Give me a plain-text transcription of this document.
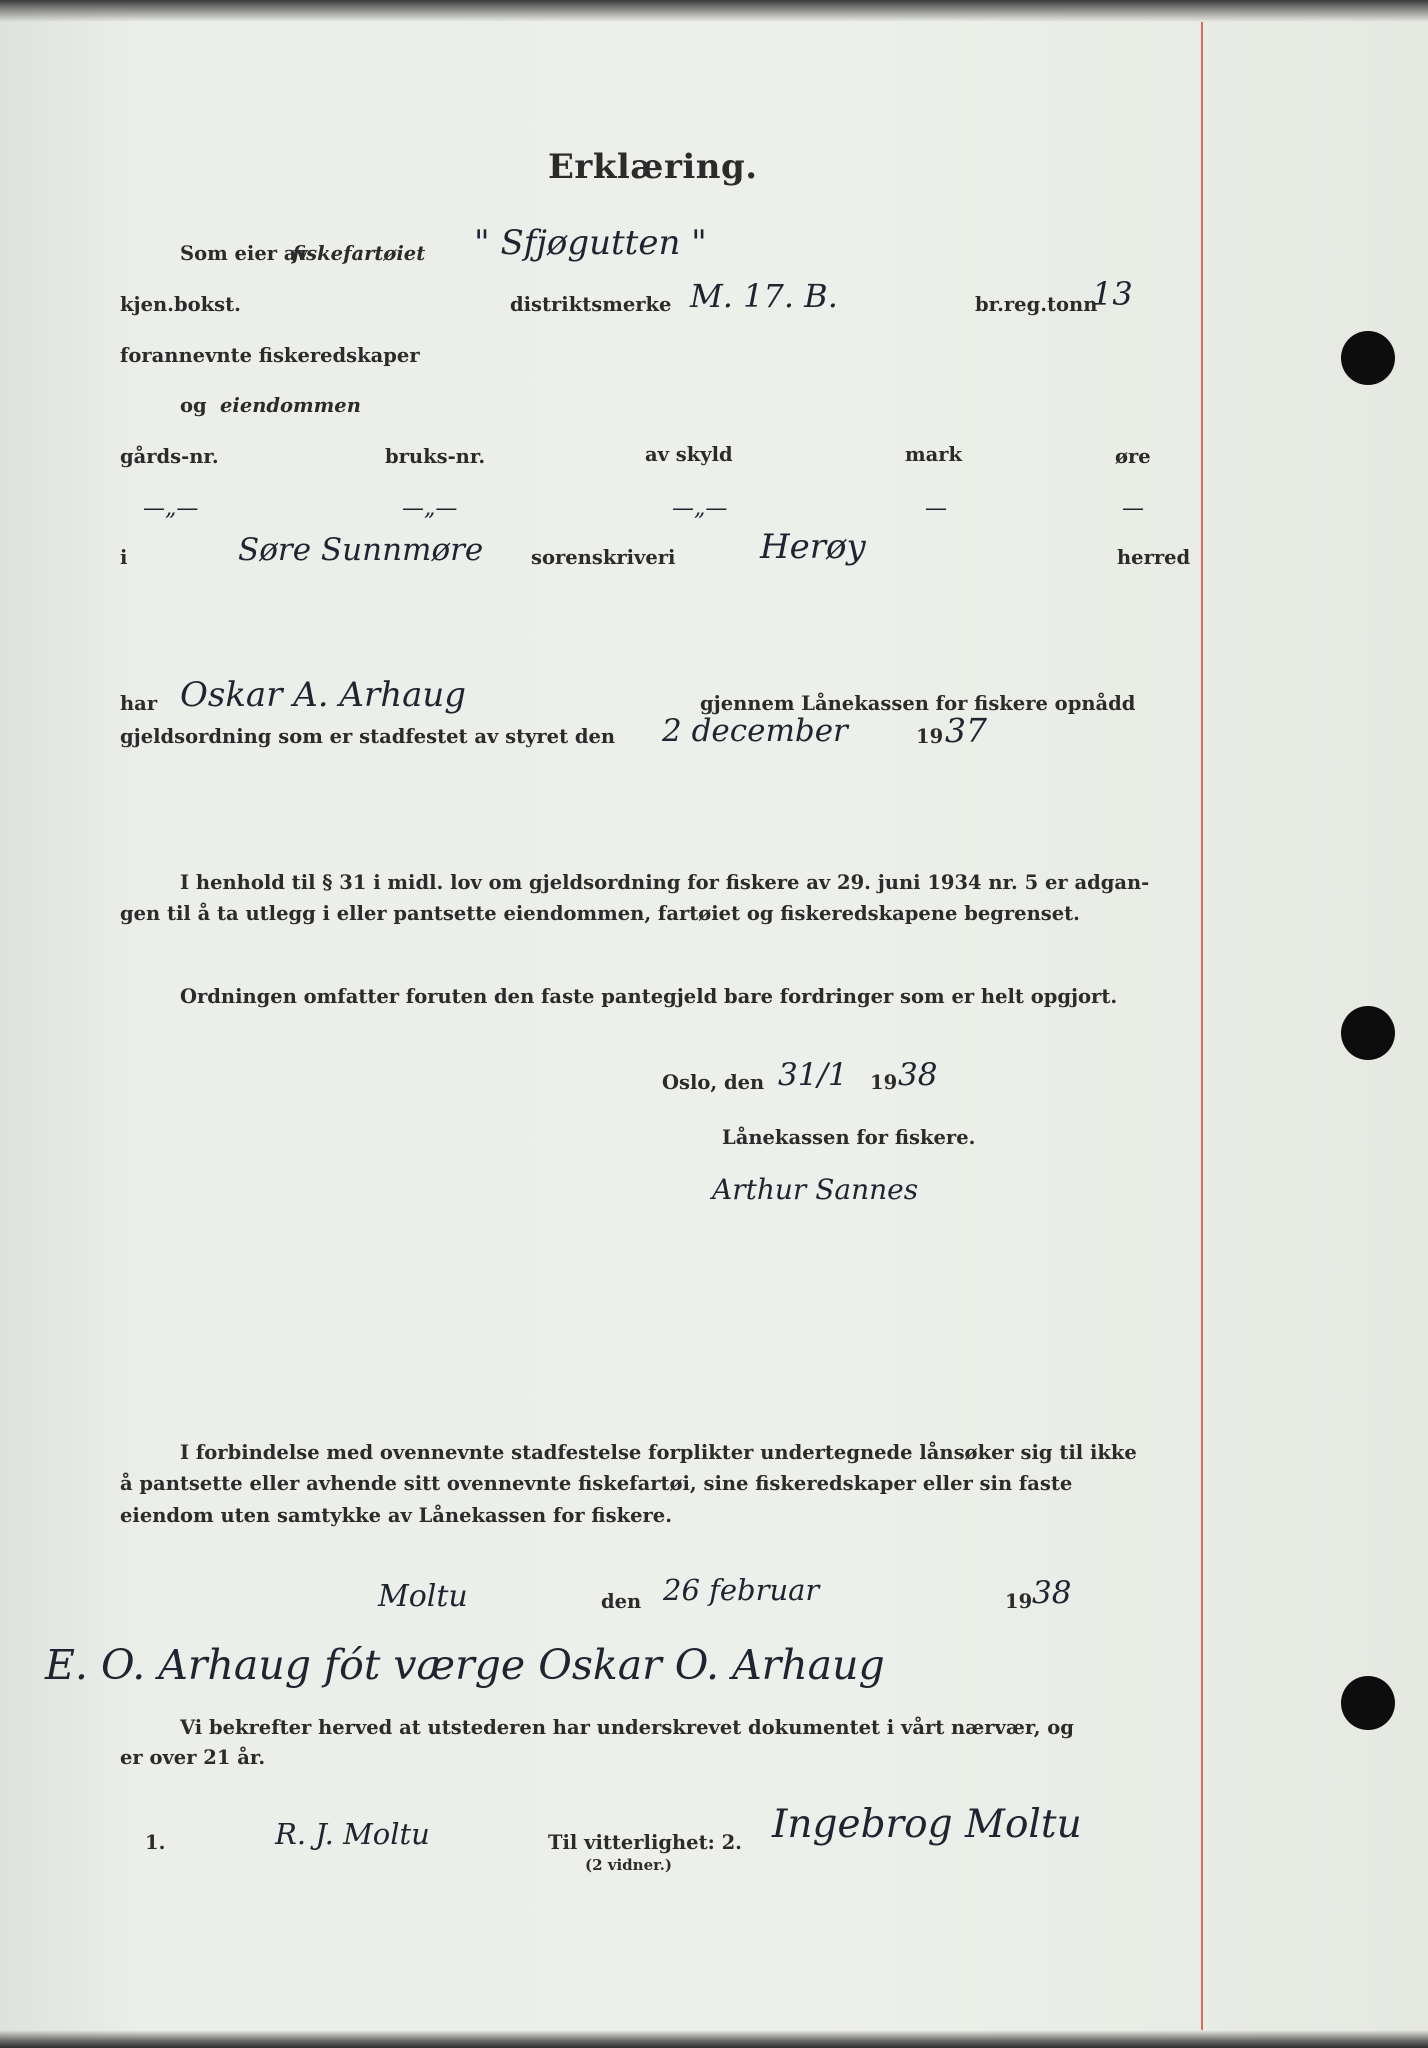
Erklæring.
Som eier av
fiskefartøiet " Sfjøgutten "
kjen.bokst.	distriktsmerke M. 17. B.	br.reg.tonn
13
forannevnte fiskeredskaper
og eiendommen
gårds-nr.	bruks-nr.	av skyld	mark	øre
—„—	—„—	—„—	—	—
i	Søre Sunnmøre sorenskriveri Herøy	herred
har Oskar A. Arhaug	gjennem Lånekassen for fiskere opnådd
gjeldsordning som er stadfestet av styret den 2 december	19 37
I henhold til § 31 i midl. lov om gjeldsordning for fiskere av 29. juni 1934 nr. 5 er adgan-
gen til å ta utlegg i eller pantsette eiendommen, fartøiet og fiskeredskapene begrenset.
Ordningen omfatter foruten den faste pantegjeld bare fordringer som er helt opgjort.
Oslo, den 31/1 19 38
Lånekassen for fiskere.
Arthur Sannes
I forbindelse med ovennevnte stadfestelse forplikter undertegnede lånsøker sig til ikke
å pantsette eller avhende sitt ovennevnte fiskefartøi, sine fiskeredskaper eller sin faste
eiendom uten samtykke av Lånekassen for fiskere.
Moltu	den 26 februar	19 38
E. O. Arhaug fót værge Oskar O. Arhaug
Vi bekrefter herved at utstederen har underskrevet dokumentet i vårt nærvær, og
er over 21 år.
1.	R. J. Moltu	Til vitterlighet: 2. Ingebrog Moltu
(2 vidner.)
